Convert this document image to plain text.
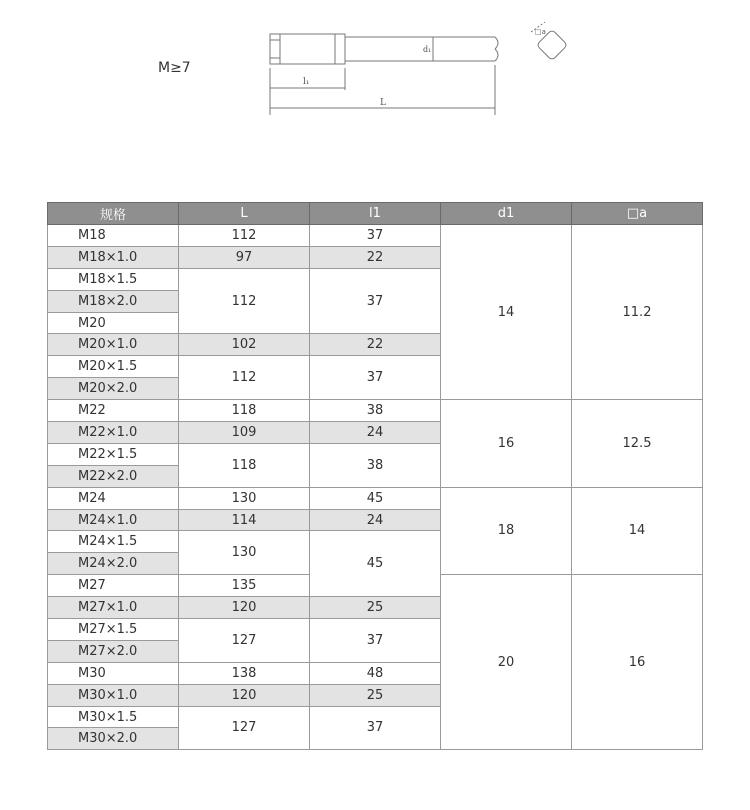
M≥7
l₁
L
d₁
□a
规格	L	l1	d1	□a
M18	112	37	14	11.2
M18×1.0	97	22		
M18×1.5	112	37		
M18×2.0				
M20				
M20×1.0	102	22		
M20×1.5	112	37		
M20×2.0				
M22	118	38	16	12.5
M22×1.0	109	24		
M22×1.5	118	38		
M22×2.0				
M24	130	45	18	14
M24×1.0	114	24		
M24×1.5	130	45		
M24×2.0				
M27	135		20	16
M27×1.0	120	25		
M27×1.5	127	37		
M27×2.0				
M30	138	48		
M30×1.0	120	25		
M30×1.5	127	37		
M30×2.0				
